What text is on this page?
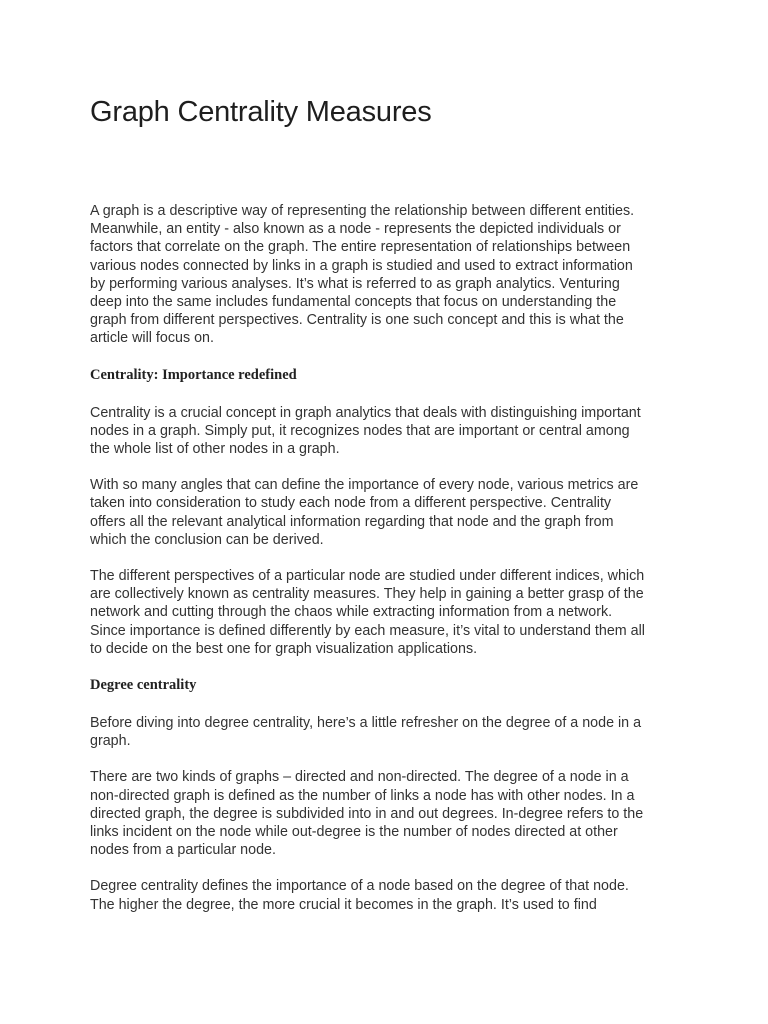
Graph Centrality Measures

A graph is a descriptive way of representing the relationship between different entities.
Meanwhile, an entity - also known as a node - represents the depicted individuals or
factors that correlate on the graph. The entire representation of relationships between
various nodes connected by links in a graph is studied and used to extract information
by performing various analyses. It’s what is referred to as graph analytics. Venturing
deep into the same includes fundamental concepts that focus on understanding the
graph from different perspectives. Centrality is one such concept and this is what the
article will focus on.

Centrality: Importance redefined

Centrality is a crucial concept in graph analytics that deals with distinguishing important
nodes in a graph. Simply put, it recognizes nodes that are important or central among
the whole list of other nodes in a graph.

With so many angles that can define the importance of every node, various metrics are
taken into consideration to study each node from a different perspective. Centrality
offers all the relevant analytical information regarding that node and the graph from
which the conclusion can be derived.

The different perspectives of a particular node are studied under different indices, which
are collectively known as centrality measures. They help in gaining a better grasp of the
network and cutting through the chaos while extracting information from a network.
Since importance is defined differently by each measure, it’s vital to understand them all
to decide on the best one for graph visualization applications.

Degree centrality

Before diving into degree centrality, here’s a little refresher on the degree of a node in a
graph.

There are two kinds of graphs – directed and non-directed. The degree of a node in a
non-directed graph is defined as the number of links a node has with other nodes. In a
directed graph, the degree is subdivided into in and out degrees. In-degree refers to the
links incident on the node while out-degree is the number of nodes directed at other
nodes from a particular node.

Degree centrality defines the importance of a node based on the degree of that node.
The higher the degree, the more crucial it becomes in the graph. It’s used to find
